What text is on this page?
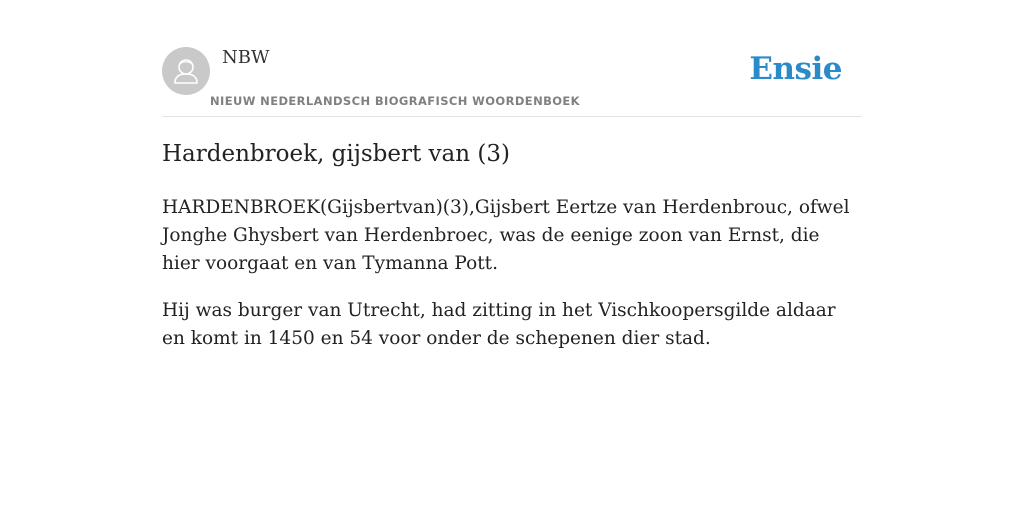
NBW
NIEUW NEDERLANDSCH BIOGRAFISCH WOORDENBOEK
Ensie
Hardenbroek, gijsbert van (3)

HARDENBROEK(Gijsbertvan)(3),Gijsbert Eertze van Herdenbrouc, ofwel Jonghe Ghysbert van Herdenbroec, was de eenige zoon van Ernst, die hier voorgaat en van Tymanna Pott.

Hij was burger van Utrecht, had zitting in het Vischkoopersgilde aldaar en komt in 1450 en 54 voor onder de schepenen dier stad.
